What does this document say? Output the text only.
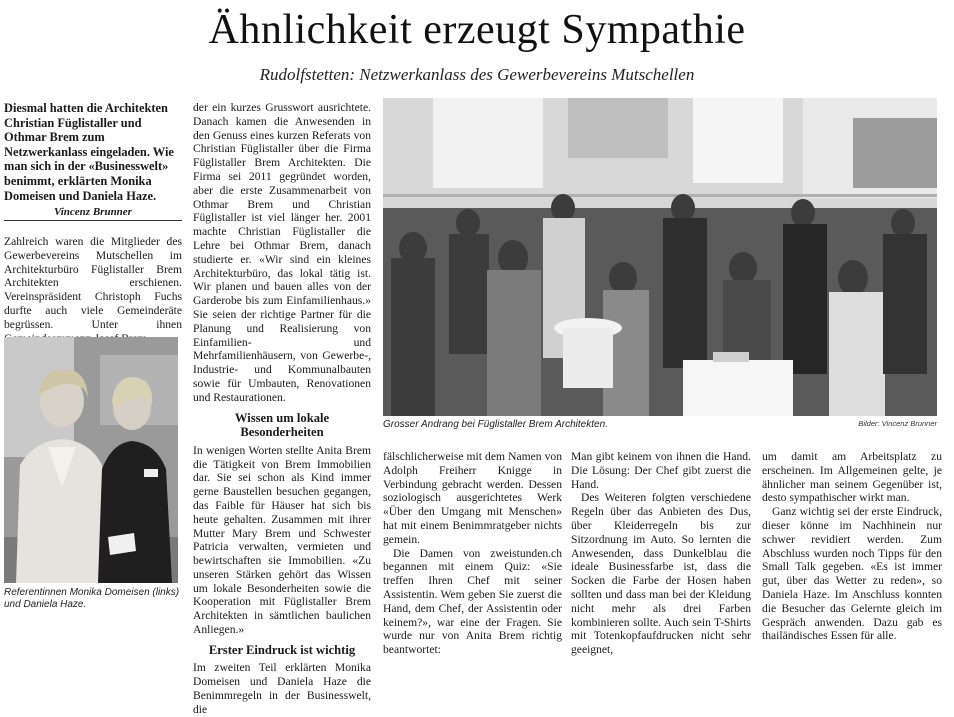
Ähnlichkeit erzeugt Sympathie
Rudolfstetten: Netzwerkanlass des Gewerbevereins Mutschellen
Diesmal hatten die Architekten Christian Füglistaller und Othmar Brem zum Netzwerkanlass eingeladen. Wie man sich in der «Businesswelt» benimmt, erklärten Monika Domeisen und Daniela Haze.
Vincenz Brunner

Zahlreich waren die Mitglieder des Gewerbevereins Mutschellen im Architekturbüro Füglistaller Brem Architekten erschienen. Vereinspräsident Christoph Fuchs durfte auch viele Gemeinderäte begrüssen. Unter ihnen

Referentinnen Monika Domeisen (links) und Daniela Haze.

der ein kurzes Grusswort ausrichtete. Danach kamen die Anwesenden in den Genuss eines kurzen Referats von Christian Füglistaller über die Firma Füglistaller Brem Architekten. Die Firma sei 2011 gegründet worden, aber die erste Zusammenarbeit von Othmar Brem und Christian Füglistaller ist viel länger her. 2001 machte Christian Füglistaller die Lehre bei Othmar Brem, danach studierte er. «Wir sind ein kleines Architekturbüro, das lokal tätig ist. Wir planen und bauen alles von der Garderobe bis zum Einfamilienhaus.» Sie seien der richtige Partner für die Planung und Realisierung von Einfamilien- und Mehrfamilienhäusern, von Gewerbe-, Industrie- und Kommunalbauten sowie für Umbauten, Renovationen und Restaurationen.

Wissen um lokale Besonderheiten

In wenigen Worten stellte Anita Brem die Tätigkeit von Brem Immobilien dar. Sie sei schon als Kind immer gerne Baustellen besuchen gegangen, das Faible für Häuser hat sich bis heute gehalten. Zusammen mit ihrer Mutter Mary Brem und Schwester Patricia verwalten, vermieten und bewirtschaften sie Immobilien. «Zu unseren Stärken gehört das Wissen um lokale Besonderheiten sowie die Kooperation mit Füglistaller Brem Architekten in sämtlichen baulichen Anliegen.»

Erster Eindruck ist wichtig

Im zweiten Teil erklärten Monika Domeisen und Daniela Haze die Benimmregeln in der Businesswelt, die

Grosser Andrang bei Füglistaller Brem Architekten.	Bilder: Vincenz Brunner

fälschlicherweise mit dem Namen von Adolph Freiherr Knigge in Verbindung gebracht werden. Dessen soziologisch ausgerichtetes Werk «Über den Umgang mit Menschen» hat mit einem Benimmratgeber nichts gemein.

Die Damen von zweistunden.ch begannen mit einem Quiz: «Sie treffen Ihren Chef mit seiner Assistentin. Wem geben Sie zuerst die Hand, dem Chef, der Assistentin oder keinem?», war eine der Fragen. Sie wurde nur von Anita Brem richtig beantwortet:

Man gibt keinem von ihnen die Hand. Die Lösung: Der Chef gibt zuerst die Hand.

Des Weiteren folgten verschiedene Regeln über das Anbieten des Dus, über Kleiderregeln bis zur Sitzordnung im Auto. So lernten die Anwesenden, dass Dunkelblau die ideale Businessfarbe ist, dass die Socken die Farbe der Hosen haben sollten und dass man bei der Kleidung nicht mehr als drei Farben kombinieren sollte. Auch sein T-Shirts mit Totenkopfaufdrucken nicht sehr geeignet,

um damit am Arbeitsplatz zu erscheinen. Im Allgemeinen gelte, je ähnlicher man seinem Gegenüber ist, desto sympathischer wirkt man.

Ganz wichtig sei der erste Eindruck, dieser könne im Nachhinein nur schwer revidiert werden. Zum Abschluss wurden noch Tipps für den Small Talk gegeben. «Es ist immer gut, über das Wetter zu reden», so Daniela Haze. Im Anschluss konnten die Besucher das Gelernte gleich im Gespräch anwenden. Dazu gab es thailändisches Essen für alle.
